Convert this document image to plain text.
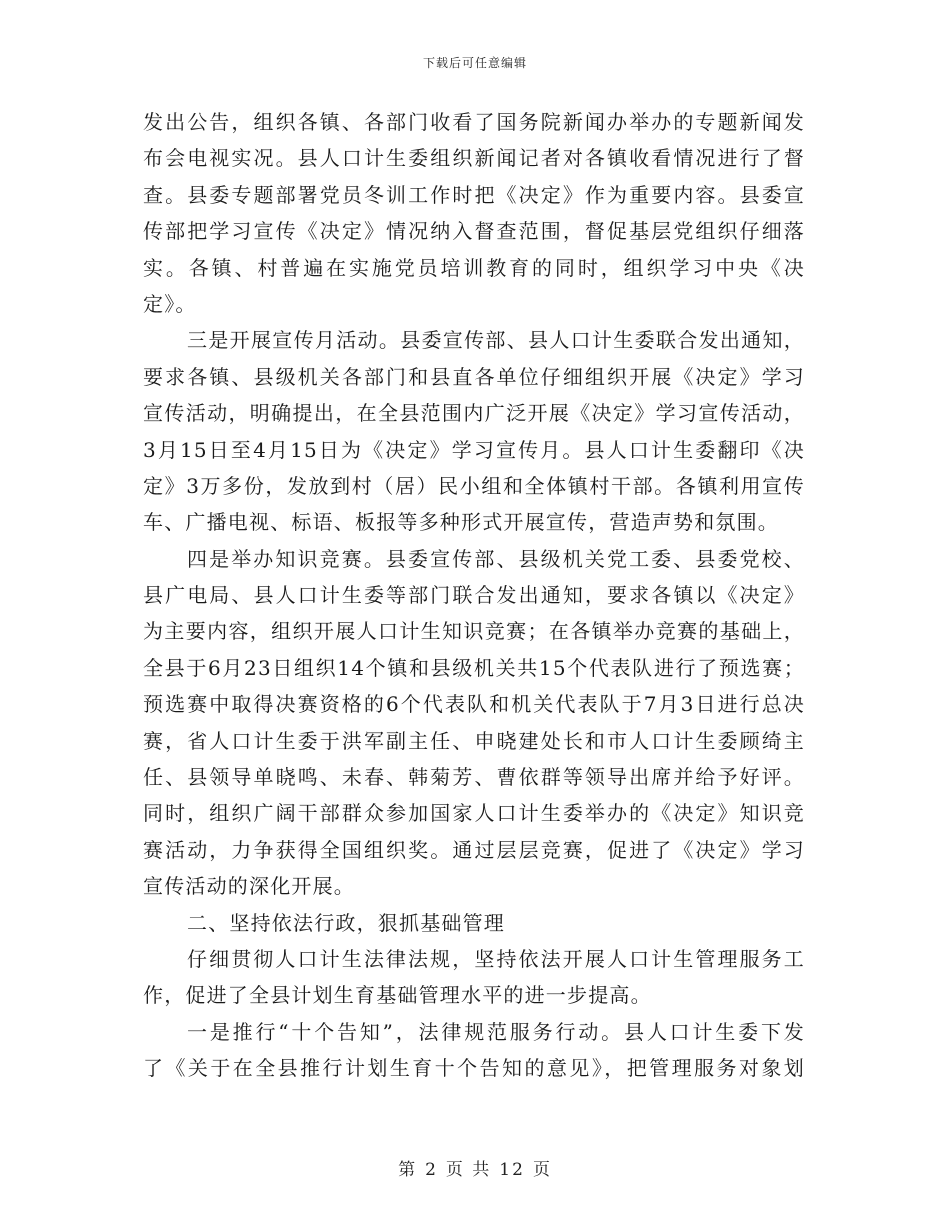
下载后可任意编辑
发出公告，组织各镇、各部门收看了国务院新闻办举办的专题新闻发
布会电视实况。县人口计生委组织新闻记者对各镇收看情况进行了督
查。县委专题部署党员冬训工作时把《决定》作为重要内容。县委宣
传部把学习宣传《决定》情况纳入督查范围，督促基层党组织仔细落
实。各镇、村普遍在实施党员培训教育的同时，组织学习中央《决
定》。
三是开展宣传月活动。县委宣传部、县人口计生委联合发出通知，
要求各镇、县级机关各部门和县直各单位仔细组织开展《决定》学习
宣传活动，明确提出，在全县范围内广泛开展《决定》学习宣传活动，
3月15日至4月15日为《决定》学习宣传月。县人口计生委翻印《决
定》3万多份，发放到村（居）民小组和全体镇村干部。各镇利用宣传
车、广播电视、标语、板报等多种形式开展宣传，营造声势和氛围。
四是举办知识竞赛。县委宣传部、县级机关党工委、县委党校、
县广电局、县人口计生委等部门联合发出通知，要求各镇以《决定》
为主要内容，组织开展人口计生知识竞赛；在各镇举办竞赛的基础上，
全县于6月23日组织14个镇和县级机关共15个代表队进行了预选赛；
预选赛中取得决赛资格的6个代表队和机关代表队于7月3日进行总决
赛，省人口计生委于洪军副主任、申晓建处长和市人口计生委顾绮主
任、县领导单晓鸣、未春、韩菊芳、曹依群等领导出席并给予好评。
同时，组织广阔干部群众参加国家人口计生委举办的《决定》知识竞
赛活动，力争获得全国组织奖。通过层层竞赛，促进了《决定》学习
宣传活动的深化开展。
二、坚持依法行政，狠抓基础管理
仔细贯彻人口计生法律法规，坚持依法开展人口计生管理服务工
作，促进了全县计划生育基础管理水平的进一步提高。
一是推行“十个告知”，法律规范服务行动。县人口计生委下发
了《关于在全县推行计划生育十个告知的意见》，把管理服务对象划
第 2 页 共 12 页
